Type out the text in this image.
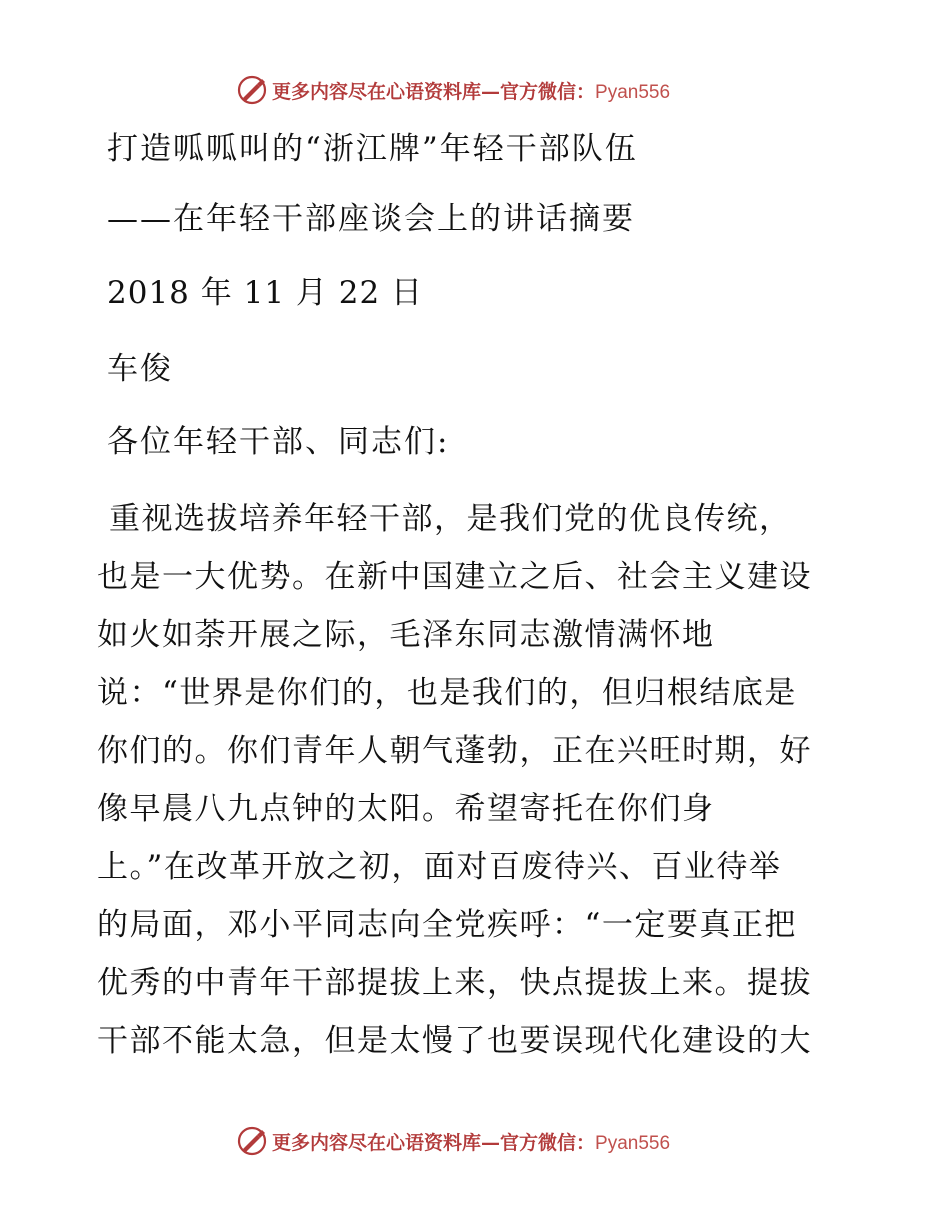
更多内容尽在心语资料库—官方微信：Pyan556
打造呱呱叫的“浙江牌”年轻干部队伍
——在年轻干部座谈会上的讲话摘要
2018 年 11 月 22 日
车俊
各位年轻干部、同志们:
重视选拔培养年轻干部，是我们党的优良传统，
也是一大优势。在新中国建立之后、社会主义建设
如火如荼开展之际，毛泽东同志激情满怀地
说：“世界是你们的，也是我们的，但归根结底是
你们的。你们青年人朝气蓬勃，正在兴旺时期，好
像早晨八九点钟的太阳。希望寄托在你们身
上。”在改革开放之初，面对百废待兴、百业待举
的局面，邓小平同志向全党疾呼：“一定要真正把
优秀的中青年干部提拔上来，快点提拔上来。提拔
干部不能太急，但是太慢了也要误现代化建设的大
更多内容尽在心语资料库—官方微信：Pyan556
